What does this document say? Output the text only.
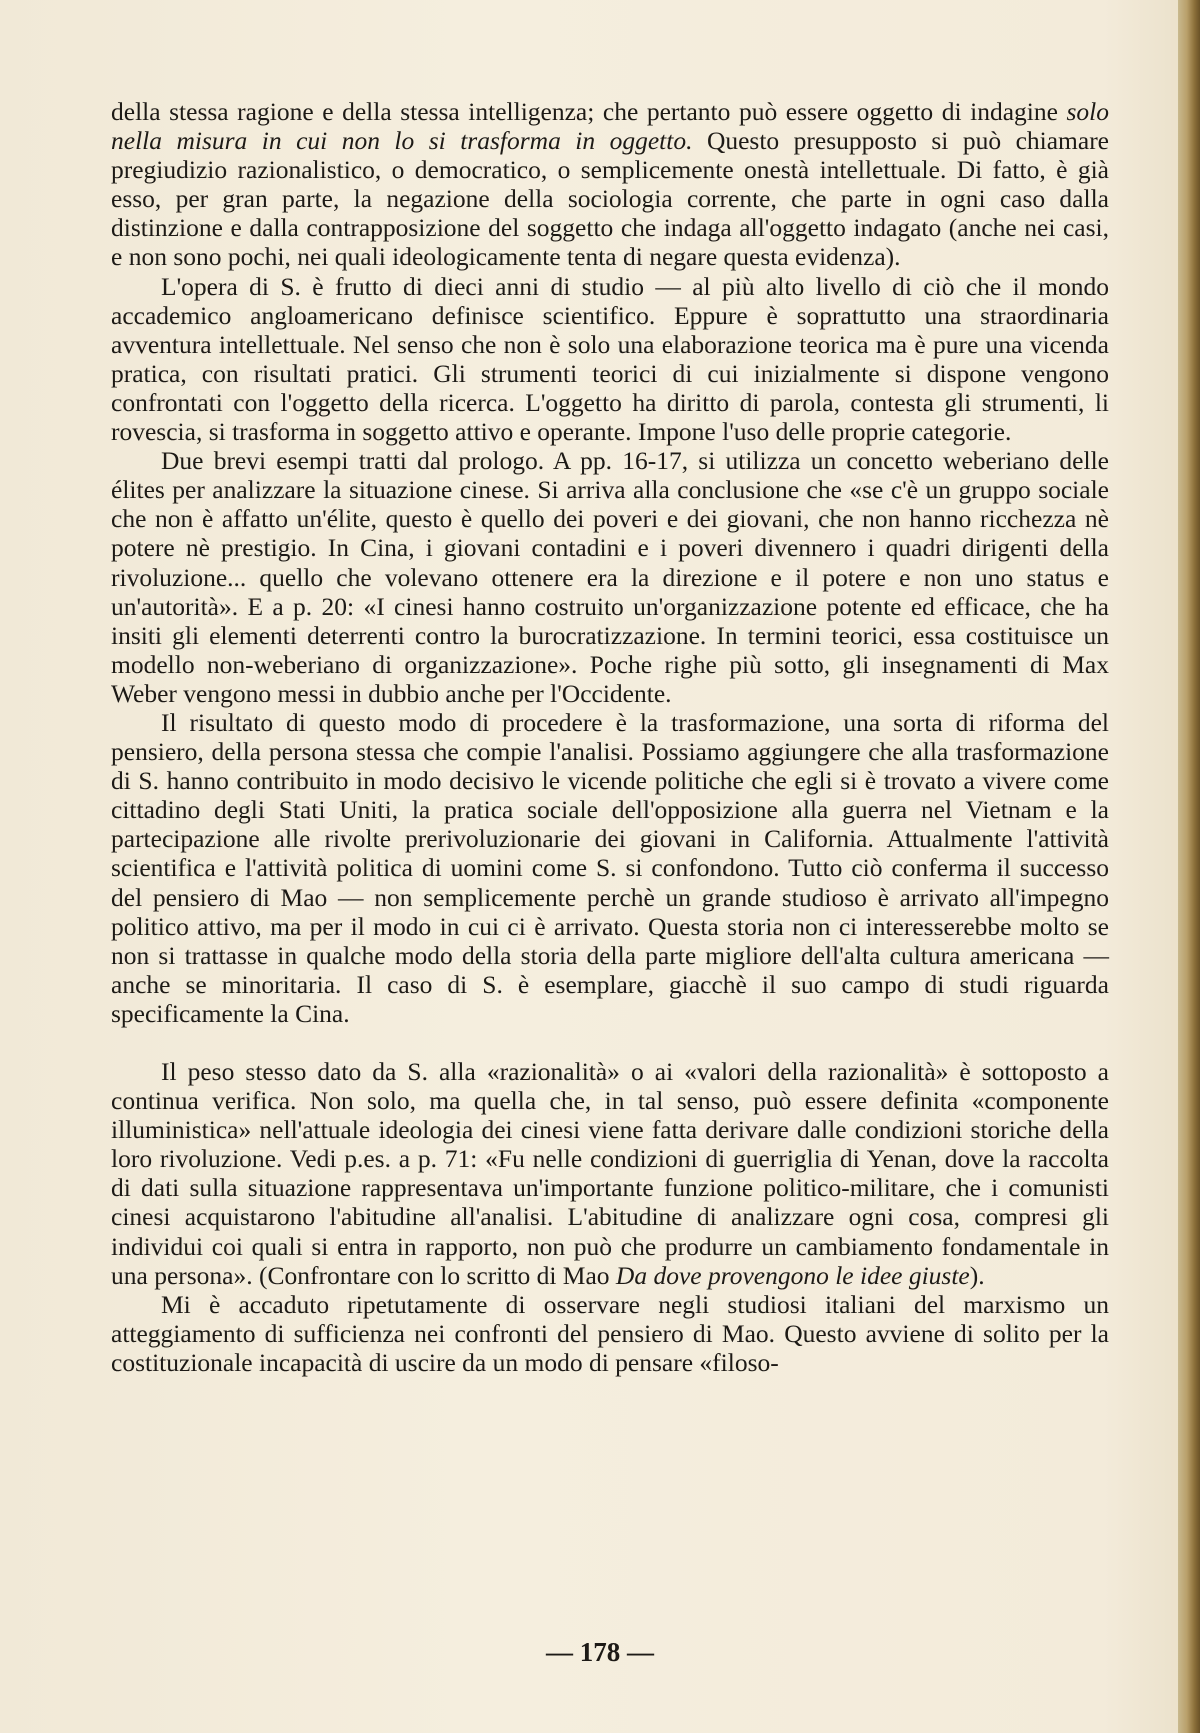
della stessa ragione e della stessa intelligenza; che pertanto può essere oggetto di indagine solo nella misura in cui non lo si trasforma in oggetto. Questo presupposto si può chiamare pregiudizio razionalistico, o democratico, o semplicemente onestà intellettuale. Di fatto, è già esso, per gran parte, la negazione della sociologia corrente, che parte in ogni caso dalla distinzione e dalla contrapposizione del soggetto che indaga all'oggetto indagato (anche nei casi, e non sono pochi, nei quali ideologicamente tenta di negare questa evidenza).

L'opera di S. è frutto di dieci anni di studio — al più alto livello di ciò che il mondo accademico angloamericano definisce scientifico. Eppure è soprattutto una straordinaria avventura intellettuale. Nel senso che non è solo una elaborazione teorica ma è pure una vicenda pratica, con risultati pratici. Gli strumenti teorici di cui inizialmente si dispone vengono confrontati con l'oggetto della ricerca. L'oggetto ha diritto di parola, contesta gli strumenti, li rovescia, si trasforma in soggetto attivo e operante. Impone l'uso delle proprie categorie.

Due brevi esempi tratti dal prologo. A pp. 16-17, si utilizza un concetto weberiano delle élites per analizzare la situazione cinese. Si arriva alla conclusione che «se c'è un gruppo sociale che non è affatto un'élite, questo è quello dei poveri e dei giovani, che non hanno ricchezza nè potere nè prestigio. In Cina, i giovani contadini e i poveri divennero i quadri dirigenti della rivoluzione... quello che volevano ottenere era la direzione e il potere e non uno status e un'autorità». E a p. 20: «I cinesi hanno costruito un'organizzazione potente ed efficace, che ha insiti gli elementi deterrenti contro la burocratizzazione. In termini teorici, essa costituisce un modello non-weberiano di organizzazione». Poche righe più sotto, gli insegnamenti di Max Weber vengono messi in dubbio anche per l'Occidente.

Il risultato di questo modo di procedere è la trasformazione, una sorta di riforma del pensiero, della persona stessa che compie l'analisi. Possiamo aggiungere che alla trasformazione di S. hanno contribuito in modo decisivo le vicende politiche che egli si è trovato a vivere come cittadino degli Stati Uniti, la pratica sociale dell'opposizione alla guerra nel Vietnam e la partecipazione alle rivolte prerivoluzionarie dei giovani in California. Attualmente l'attività scientifica e l'attività politica di uomini come S. si confondono. Tutto ciò conferma il successo del pensiero di Mao — non semplicemente perchè un grande studioso è arrivato all'impegno politico attivo, ma per il modo in cui ci è arrivato. Questa storia non ci interesserebbe molto se non si trattasse in qualche modo della storia della parte migliore dell'alta cultura americana — anche se minoritaria. Il caso di S. è esemplare, giacchè il suo campo di studi riguarda specificamente la Cina.

Il peso stesso dato da S. alla «razionalità» o ai «valori della razionalità» è sottoposto a continua verifica. Non solo, ma quella che, in tal senso, può essere definita «componente illuministica» nell'attuale ideologia dei cinesi viene fatta derivare dalle condizioni storiche della loro rivoluzione. Vedi p.es. a p. 71: «Fu nelle condizioni di guerriglia di Yenan, dove la raccolta di dati sulla situazione rappresentava un'importante funzione politico-militare, che i comunisti cinesi acquistarono l'abitudine all'analisi. L'abitudine di analizzare ogni cosa, compresi gli individui coi quali si entra in rapporto, non può che produrre un cambiamento fondamentale in una persona». (Confrontare con lo scritto di Mao Da dove provengono le idee giuste).

Mi è accaduto ripetutamente di osservare negli studiosi italiani del marxismo un atteggiamento di sufficienza nei confronti del pensiero di Mao. Questo avviene di solito per la costituzionale incapacità di uscire da un modo di pensare «filoso-

— 178 —
